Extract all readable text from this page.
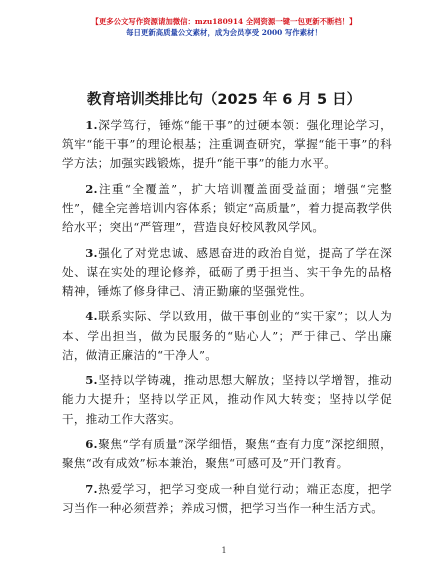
【更多公文写作资源请加微信：mzu180914 全网资源一键一包更新不断档！】
每日更新高质量公文素材，成为会员享受 2000 写作素材！
教育培训类排比句（2025 年 6 月 5 日）

1.深学笃行，锤炼“能干事”的过硬本领：强化理论学习，筑牢“能干事”的理论根基；注重调查研究，掌握“能干事”的科学方法；加强实践锻炼，提升“能干事”的能力水平。

2.注重“全覆盖”，扩大培训覆盖面受益面；增强“完整性”，健全完善培训内容体系；锁定“高质量”，着力提高教学供给水平；突出“严管理”，营造良好校风教风学风。

3.强化了对党忠诚、感恩奋进的政治自觉，提高了学在深处、谋在实处的理论修养，砥砺了勇于担当、实干争先的品格精神，锤炼了修身律己、清正勤廉的坚强党性。

4.联系实际、学以致用，做干事创业的“实干家”；以人为本、学出担当，做为民服务的“贴心人”；严于律己、学出廉洁，做清正廉洁的“干净人”。

5.坚持以学铸魂，推动思想大解放；坚持以学增智，推动能力大提升；坚持以学正风，推动作风大转变；坚持以学促干，推动工作大落实。

6.聚焦“学有质量”深学细悟，聚焦“查有力度”深挖细照，聚焦“改有成效”标本兼治，聚焦“可感可及”开门教育。

7.热爱学习，把学习变成一种自觉行动；端正态度，把学习当作一种必须营养；养成习惯，把学习当作一种生活方式。

1
